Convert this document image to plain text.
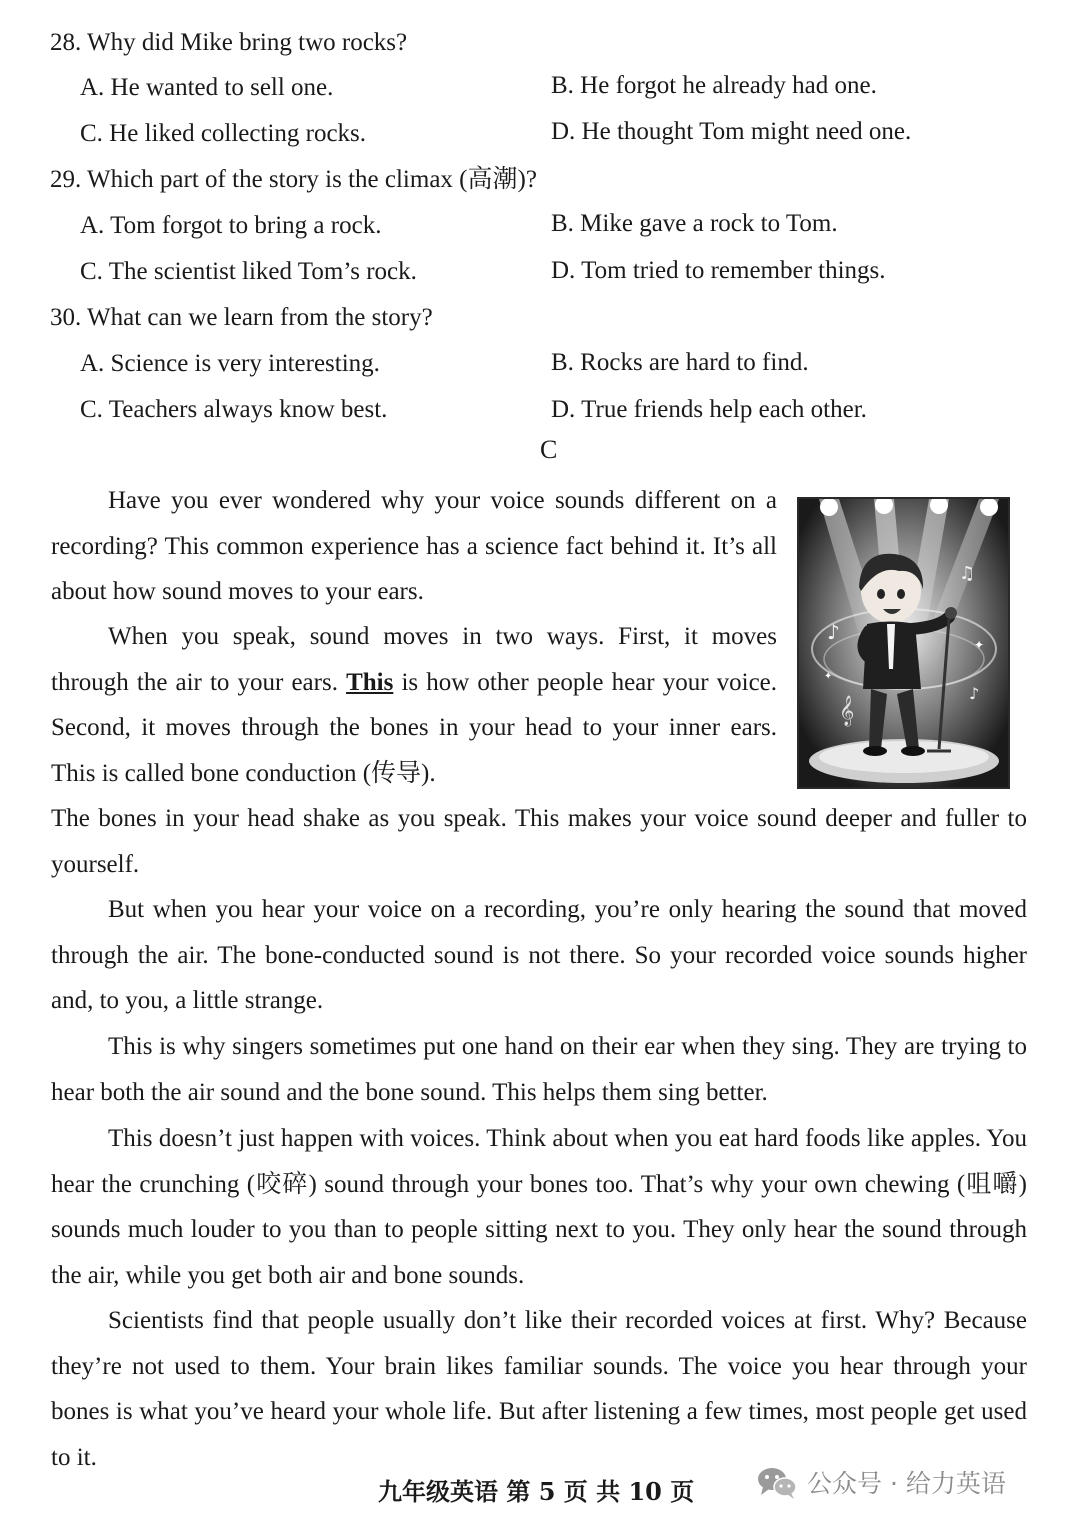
28. Why did Mike bring two rocks?
A. He wanted to sell one.	B. He forgot he already had one.
C. He liked collecting rocks.	D. He thought Tom might need one.
29. Which part of the story is the climax (高潮)?
A. Tom forgot to bring a rock.	B. Mike gave a rock to Tom.
C. The scientist liked Tom’s rock.	D. Tom tried to remember things.
30. What can we learn from the story?
A. Science is very interesting.	B. Rocks are hard to find.
C. Teachers always know best.	D. True friends help each other.
C
Have you ever wondered why your voice sounds different on a recording? This common experience has a science fact behind it. It’s all about how sound moves to your ears.
When you speak, sound moves in two ways. First, it moves through the air to your ears. This is how other people hear your voice. Second, it moves through the bones in your head to your inner ears. This is called bone conduction (传导).
The bones in your head shake as you speak. This makes your voice sound deeper and fuller to yourself.
♪
♫
𝄞
♪
✦
✦
But when you hear your voice on a recording, you’re only hearing the sound that moved through the air. The bone-conducted sound is not there. So your recorded voice sounds higher and, to you, a little strange.
This is why singers sometimes put one hand on their ear when they sing. They are trying to hear both the air sound and the bone sound. This helps them sing better.
This doesn’t just happen with voices. Think about when you eat hard foods like apples. You hear the crunching (咬碎) sound through your bones too. That’s why your own chewing (咀嚼) sounds much louder to you than to people sitting next to you. They only hear the sound through the air, while you get both air and bone sounds.
Scientists find that people usually don’t like their recorded voices at first. Why? Because they’re not used to them. Your brain likes familiar sounds. The voice you hear through your bones is what you’ve heard your whole life. But after listening a few times, most people get used to it.
九年级英语 第 5 页 共 10 页	公众号 · 给力英语
